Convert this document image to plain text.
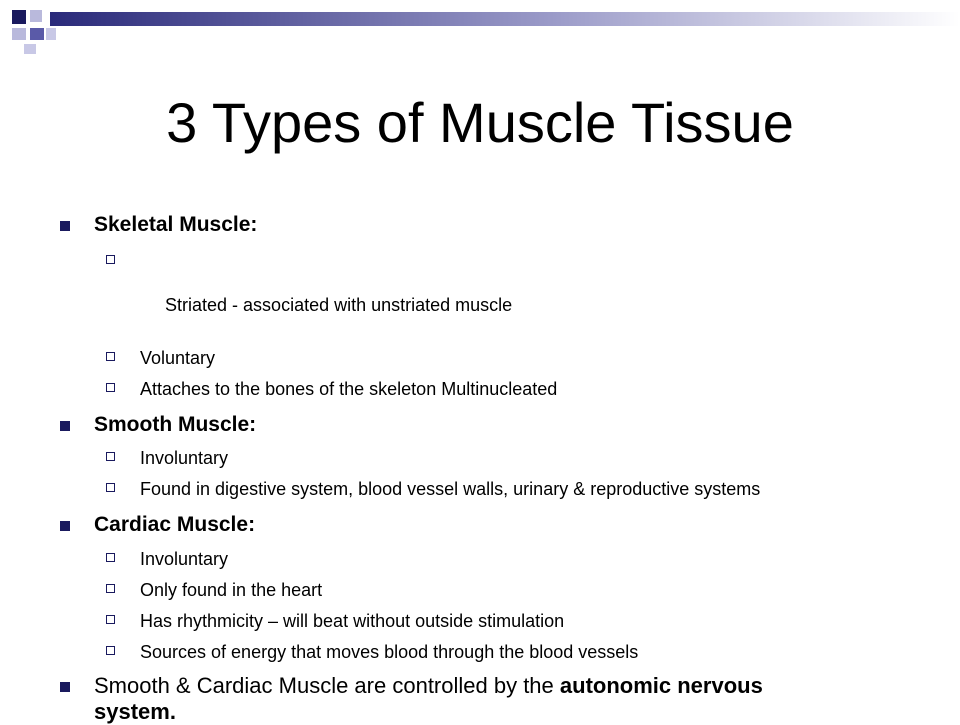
3 Types of Muscle Tissue
Skeletal Muscle:

Striated - associated with unstriated muscle

Voluntary
Attaches to the bones of the skeleton Multinucleated
Smooth Muscle:
Involuntary
Found in digestive system, blood vessel walls, urinary & reproductive systems
Cardiac Muscle:
Involuntary
Only found in the heart
Has rhythmicity – will beat without outside stimulation
Sources of energy that moves blood through the blood vessels
Smooth & Cardiac Muscle are controlled by the autonomic nervous system.
